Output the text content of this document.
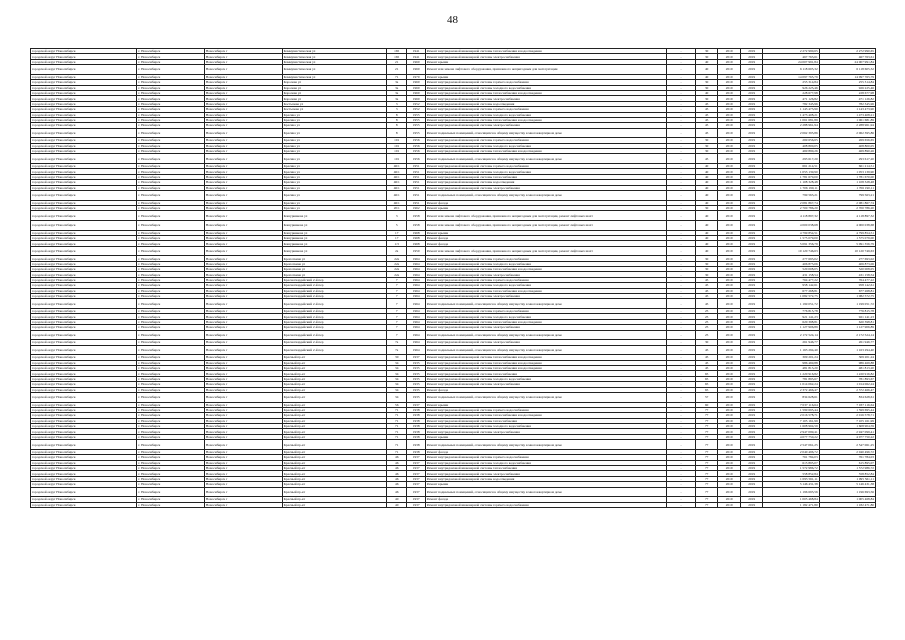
48
городской округ Новосибирск	г. Новосибирск	Новосибирск г	Коммунистическая ул	165	1941	Ремонт внутридомовой инженерной системы теплоснабжения и водоотведения	-	30	2019	2019	2 272 990,65	2 272 990,65
городской округ Новосибирск	г. Новосибирск	Новосибирск г	Коммунистическая ул	165	1941	Ремонт внутридомовой инженерной системы электроснабжения	-	30	2019	2019	467 763,61	467 763,61
городской округ Новосибирск	г. Новосибирск	Новосибирск г	Коммунистическая ул	21	1960	Ремонт крыши	-	40	2019	2019	24 007 991,84	24 007 991,84
городской округ Новосибирск	г. Новосибирск	Новосибирск г	Коммунистическая ул	21	1960	Ремонт или замена лифтового оборудования, признанного непригодным для эксплуатации	-	40	2019	2019	6 118 605,32	6 118 605,32
городской округ Новосибирск	г. Новосибирск	Новосибирск г	Коммунистическая ул	71	1970	Ремонт крыши	-	40	2019	2019	14 097 765,79	14 097 765,79
городской округ Новосибирск	г. Новосибирск	Новосибирск г	Королева ул	3a	1960	Ремонт внутридомовой инженерной системы горячего водоснабжения	-	30	2019	2019	255 314,84	255 314,84
городской округ Новосибирск	г. Новосибирск	Новосибирск г	Королева ул	3a	1960	Ремонт внутридомовой инженерной системы холодного водоснабжения	-	30	2019	2019	926 225,46	926 225,46
городской округ Новосибирск	г. Новосибирск	Новосибирск г	Королева ул	3a	1960	Ремонт внутридомовой инженерной системы теплоснабжения и водоотведения	-	40	2019	2019	228 677,98	228 677,98
городской округ Новосибирск	г. Новосибирск	Новосибирск г	Королева ул	3a	1960	Ремонт внутридомовой инженерной системы электроснабжения	-	30	2019	2019	471 126,82	471 126,82
городской округ Новосибирск	г. Новосибирск	Новосибирск г	Костычева ул	3	1952	Ремонт внутридомовой инженерной системы водоотведения	-	45	2019	2019	782 345,96	782 345,96
городской округ Новосибирск	г. Новосибирск	Новосибирск г	Костычева ул	3	1952	Ремонт внутридомовой инженерной системы горячего водоснабжения	-	45	2019	2019	1 143 473,90	1 143 473,90
городской округ Новосибирск	г. Новосибирск	Новосибирск г	Красина ул	8	1955	Ремонт внутридомовой инженерной системы холодного водоснабжения	-	45	2019	2019	1 473 408,21	1 473 408,21
городской округ Новосибирск	г. Новосибирск	Новосибирск г	Красина ул	8	1955	Ремонт внутридомовой инженерной системы теплоснабжения и водоотведения	-	45	2019	2019	1 061 681,89	1 061 681,89
городской округ Новосибирск	г. Новосибирск	Новосибирск г	Красина ул	8	1955	Ремонт внутридомовой инженерной системы электроснабжения	-	45	2019	2019	2 288 961,94	2 288 961,94
городской округ Новосибирск	г. Новосибирск	Новосибирск г	Красина ул	8	1955	Ремонт подвальных помещений, относящихся к общему имуществу в многоквартирном доме	-	45	2019	2019	2 062 395,86	2 062 395,86
городской округ Новосибирск	г. Новосибирск	Новосибирск г	Красина ул	101	1956	Ремонт внутридомовой инженерной системы горячего водоснабжения	-	30	2019	2019	269 656,65	269 656,65
городской округ Новосибирск	г. Новосибирск	Новосибирск г	Красина ул	101	1956	Ремонт внутридомовой инженерной системы холодного водоснабжения	-	30	2019	2019	408 800,05	408 800,05
городской округ Новосибирск	г. Новосибирск	Новосибирск г	Красина ул	101	1956	Ремонт внутридомовой инженерной системы теплоснабжения и водоотведения	-	30	2019	2019	469 890,26	469 890,26
городской округ Новосибирск	г. Новосибирск	Новосибирск г	Красина ул	101	1956	Ремонт подвальных помещений, относящихся к общему имуществу в многоквартирном доме	-	45	2019	2019	293 617,20	293 617,20
городской округ Новосибирск	г. Новосибирск	Новосибирск г	Красина ул	46/1	1951	Ремонт внутридомовой инженерной системы горячего водоснабжения	-	40	2019	2019	661 214,51	661 214,51
городской округ Новосибирск	г. Новосибирск	Новосибирск г	Красина ул	46/1	1951	Ремонт внутридомовой инженерной системы холодного водоснабжения	-	40	2019	2019	1 053 139,90	1 053 139,90
городской округ Новосибирск	г. Новосибирск	Новосибирск г	Красина ул	46/1	1951	Ремонт внутридомовой инженерной системы теплоснабжения	-	40	2019	2019	1 781 670,00	1 781 670,00
городской округ Новосибирск	г. Новосибирск	Новосибирск г	Красина ул	46/1	1951	Ремонт внутридомовой инженерной системы водоотведения	-	40	2019	2019	1 108 328,48	1 108 328,48
городской округ Новосибирск	г. Новосибирск	Новосибирск г	Красина ул	46/1	1951	Ремонт внутридомовой инженерной системы электроснабжения	-	40	2019	2019	1 706 190,11	1 706 190,11
городской округ Новосибирск	г. Новосибирск	Новосибирск г	Красина ул	46/1	1951	Ремонт подвальных помещений, относящихся к общему имуществу в многоквартирном доме	-	40	2019	2019	799 563,21	799 563,21
городской округ Новосибирск	г. Новосибирск	Новосибирск г	Красина ул	46/1	1951	Ремонт фасада	-	40	2019	2019	2 081 867,74	2 081 867,74
городской округ Новосибирск	г. Новосибирск	Новосибирск г	Красина ул	20/1	1962	Ремонт крыши	-	30	2019	2019	2 700 786,20	2 700 786,20
городской округ Новосибирск	г. Новосибирск	Новосибирск г	Кошурникова ул	3	1958	Ремонт или замена лифтового оборудования, признанного непригодным для эксплуатации, ремонт лифтовых шахт	-	40	2019	2019	4 118 897,32	4 118 897,32
городской округ Новосибирск	г. Новосибирск	Новосибирск г	Кошурникова ул	5	1958	Ремонт или замена лифтового оборудования, признанного непригодным для эксплуатации, ремонт лифтовых шахт	-	40	2019	2019	4 000 038,68	4 000 038,68
городской округ Новосибирск	г. Новосибирск	Новосибирск г	Кошурникова ул	17	1968	Ремонт крыши	-	40	2019	2019	4 799 854,51	4 799 854,51
городской округ Новосибирск	г. Новосибирск	Новосибирск г	Кошурникова ул	17	1968	Ремонт фасада	-	40	2019	2019	1 575 079,00	1 575 079,00
городской округ Новосибирск	г. Новосибирск	Новосибирск г	Кошурникова ул	1/3	1968	Ремонт фасада	-	40	2019	2019	5 091 356,79	5 091 356,79
городской округ Новосибирск	г. Новосибирск	Новосибирск г	Кошурникова ул	2a	1950	Ремонт или замена лифтового оборудования, признанного непригодным для эксплуатации, ремонт лифтовых шахт	-	40	2019	2019	10 120 746,63	10 120 746,63
городской округ Новосибирск	г. Новосибирск	Новосибирск г	Кропоткина ул	22a	1964	Ремонт внутридомовой инженерной системы горячего водоснабжения	-	30	2019	2019	277 693,02	277 693,02
городской округ Новосибирск	г. Новосибирск	Новосибирск г	Кропоткина ул	22a	1964	Ремонт внутридомовой инженерной системы холодного водоснабжения	-	30	2019	2019	406 873,06	406 873,06
городской округ Новосибирск	г. Новосибирск	Новосибирск г	Кропоткина ул	22a	1964	Ремонт внутридомовой инженерной системы теплоснабжения и водоотведения	-	30	2019	2019	520 008,05	520 008,05
городской округ Новосибирск	г. Новосибирск	Новосибирск г	Кропоткина ул	22a	1964	Ремонт внутридомовой инженерной системы электроснабжения	-	30	2019	2019	431 158,54	431 158,54
городской округ Новосибирск	г. Новосибирск	Новосибирск г	Красногвардейский 2-й пер	7	1964	Ремонт внутридомовой инженерной системы горячего водоснабжения	-	45	2019	2019	764 477,22	764 477,22
городской округ Новосибирск	г. Новосибирск	Новосибирск г	Красногвардейский 2-й пер	7	1964	Ремонт внутридомовой инженерной системы холодного водоснабжения	-	45	2019	2019	958 142,61	958 142,61
городской округ Новосибирск	г. Новосибирск	Новосибирск г	Красногвардейский 2-й пер	7	1964	Ремонт внутридомовой инженерной системы теплоснабжения и водоотведения	-	45	2019	2019	677 268,81	677 268,81
городской округ Новосибирск	г. Новосибирск	Новосибирск г	Красногвардейский 2-й пер	7	1964	Ремонт внутридомовой инженерной системы электроснабжения	-	45	2019	2019	1 082 572,75	1 082 572,75
городской округ Новосибирск	г. Новосибирск	Новосибирск г	Красногвардейский 2-й пер	7	1964	Ремонт подвальных помещений, относящихся к общему имуществу в многоквартирном доме	-	45	2019	2019	1 199 051,72	1 199 051,72
городской округ Новосибирск	г. Новосибирск	Новосибирск г	Красногвардейский 2-й пер	7	1964	Ремонт внутридомовой инженерной системы горячего водоснабжения	-	25	2019	2019	776 815,78	776 815,78
городской округ Новосибирск	г. Новосибирск	Новосибирск г	Красногвардейский 2-й пер	7	1964	Ремонт внутридомовой инженерной системы холодного водоснабжения	-	25	2019	2019	921 141,23	921 141,23
городской округ Новосибирск	г. Новосибирск	Новосибирск г	Красногвардейский 2-й пер	7	1964	Ремонт внутридомовой инженерной системы теплоснабжения и водоотведения	-	25	2019	2019	620 398,81	620 398,81
городской округ Новосибирск	г. Новосибирск	Новосибирск г	Красногвардейский 2-й пер	7	1964	Ремонт внутридомовой инженерной системы электроснабжения	-	25	2019	2019	1 127 906,89	1 127 906,89
городской округ Новосибирск	г. Новосибирск	Новосибирск г	Красногвардейский 2-й пер	7	1964	Ремонт подвальных помещений, относящихся к общему имуществу в многоквартирном доме	-	25	2019	2019	2 172 524,14	2 172 524,14
городской округ Новосибирск	г. Новосибирск	Новосибирск г	Красногвардейский 2-й пер	7a	1964	Ремонт внутридомовой инженерной системы электроснабжения	-	30	2019	2019	261 946,77	261 946,77
городской округ Новосибирск	г. Новосибирск	Новосибирск г	Красногвардейский 2-й пер	7a	1964	Ремонт подвальных помещений, относящихся к общему имуществу в многоквартирном доме	-	45	2019	2019	1 163 294,40	1 163 294,40
городской округ Новосибирск	г. Новосибирск	Новосибирск г	Красный пр-кт	30	1937	Ремонт внутридомовой инженерной системы теплоснабжения и водоотведения	-	45	2019	2019	309 201,24	309 201,24
городской округ Новосибирск	г. Новосибирск	Новосибирск г	Красный пр-кт	34	1935	Ремонт внутридомовой инженерной системы теплоснабжения и водоотведения	-	45	2019	2019	986 469,88	986 469,88
городской округ Новосибирск	г. Новосибирск	Новосибирск г	Красный пр-кт	34	1935	Ремонт внутридомовой инженерной системы теплоснабжения и водоотведения	-	45	2019	2019	481 813,20	481 813,20
городской округ Новосибирск	г. Новосибирск	Новосибирск г	Красный пр-кт	34	1935	Ремонт внутридомовой инженерной системы теплоснабжения	-	65	2019	2019	1 220 916,82	1 220 916,82
городской округ Новосибирск	г. Новосибирск	Новосибирск г	Красный пр-кт	34	1935	Ремонт внутридомовой инженерной системы холодного водоснабжения	-	65	2019	2019	781 893,67	781 893,67
городской округ Новосибирск	г. Новосибирск	Новосибирск г	Красный пр-кт	34	1935	Ремонт внутридомовой инженерной системы электроснабжения	-	65	2019	2019	1 014 062,24	1 014 062,24
городской округ Новосибирск	г. Новосибирск	Новосибирск г	Красный пр-кт	34	1935	Ремонт фасада	-	65	2019	2019	2 372 466,47	2 372 466,47
городской округ Новосибирск	г. Новосибирск	Новосибирск г	Красный пр-кт	34	1935	Ремонт подвальных помещений, относящихся к общему имуществу в многоквартирном доме	-	57	2019	2019	834 628,61	834 628,61
городской округ Новосибирск	г. Новосибирск	Новосибирск г	Красный пр-кт	56	1937	Ремонт крыши	-	60	2019	2019	7 037 116,64	7 037 116,64
городской округ Новосибирск	г. Новосибирск	Новосибирск г	Красный пр-кт	71	1938	Ремонт внутридомовой инженерной системы горячего водоснабжения	-	77	2019	2019	1 599 695,44	1 599 695,44
городской округ Новосибирск	г. Новосибирск	Новосибирск г	Красный пр-кт	71	1938	Ремонт внутридомовой инженерной системы теплоснабжения и водоотведения	-	77	2019	2019	2 016 578,71	2 016 578,71
городской округ Новосибирск	г. Новосибирск	Новосибирск г	Красный пр-кт	71	1938	Ремонт внутридомовой инженерной системы теплоснабжения	-	77	2019	2019	7 105 161,99	7 105 161,99
городской округ Новосибирск	г. Новосибирск	Новосибирск г	Красный пр-кт	71	1938	Ремонт внутридомовой инженерной системы холодного водоснабжения	-	77	2019	2019	1 608 904,59	1 608 904,59
городской округ Новосибирск	г. Новосибирск	Новосибирск г	Красный пр-кт	71	1938	Ремонт внутридомовой инженерной системы электроснабжения	-	77	2019	2019	2 947 099,41	2 947 099,41
городской округ Новосибирск	г. Новосибирск	Новосибирск г	Красный пр-кт	71	1938	Ремонт крыши	-	77	2019	2019	4 077 750,22	4 077 750,22
городской округ Новосибирск	г. Новосибирск	Новосибирск г	Красный пр-кт	71	1938	Ремонт подвальных помещений, относящихся к общему имуществу в многоквартирном доме	-	77	2019	2019	2 547 061,25	2 547 061,25
городской округ Новосибирск	г. Новосибирск	Новосибирск г	Красный пр-кт	71	1938	Ремонт фасада	-	77	2019	2019	2 040 496,72	2 040 496,72
городской округ Новосибирск	г. Новосибирск	Новосибирск г	Красный пр-кт	46	1937	Ремонт внутридомовой инженерной системы горячего водоснабжения	-	77	2019	2019	761 784,03	761 784,03
городской округ Новосибирск	г. Новосибирск	Новосибирск г	Красный пр-кт	46	1937	Ремонт внутридомовой инженерной системы холодного водоснабжения	-	77	2019	2019	615 895,07	615 895,07
городской округ Новосибирск	г. Новосибирск	Новосибирск г	Красный пр-кт	46	1937	Ремонт внутридомовой инженерной системы теплоснабжения	-	77	2019	2019	1 572 986,72	1 572 986,72
городской округ Новосибирск	г. Новосибирск	Новосибирск г	Красный пр-кт	46	1937	Ремонт внутридомовой инженерной системы электроснабжения	-	77	2019	2019	558 852,84	558 852,84
городской округ Новосибирск	г. Новосибирск	Новосибирск г	Красный пр-кт	46	1937	Ремонт внутридомовой инженерной системы водоотведения	-	77	2019	2019	1 095 561,11	1 095 561,11
городской округ Новосибирск	г. Новосибирск	Новосибирск г	Красный пр-кт	46	1937	Ремонт крыши	-	77	2019	2019	5 146 431,38	5 146 431,38
городской округ Новосибирск	г. Новосибирск	Новосибирск г	Красный пр-кт	46	1937	Ремонт подвальных помещений, относящихся к общему имуществу в многоквартирном доме	-	77	2019	2019	1 196 693,56	1 196 693,56
городской округ Новосибирск	г. Новосибирск	Новосибирск г	Красный пр-кт	40	1937	Ремонт фасада	-	77	2019	2019	1 005 468,84	1 005 468,84
городской округ Новосибирск	г. Новосибирск	Новосибирск г	Красный пр-кт	40	1937	Ремонт внутридомовой инженерной системы горячего водоснабжения	-	77	2019	2019	1 182 471,80	1 182 471,80
